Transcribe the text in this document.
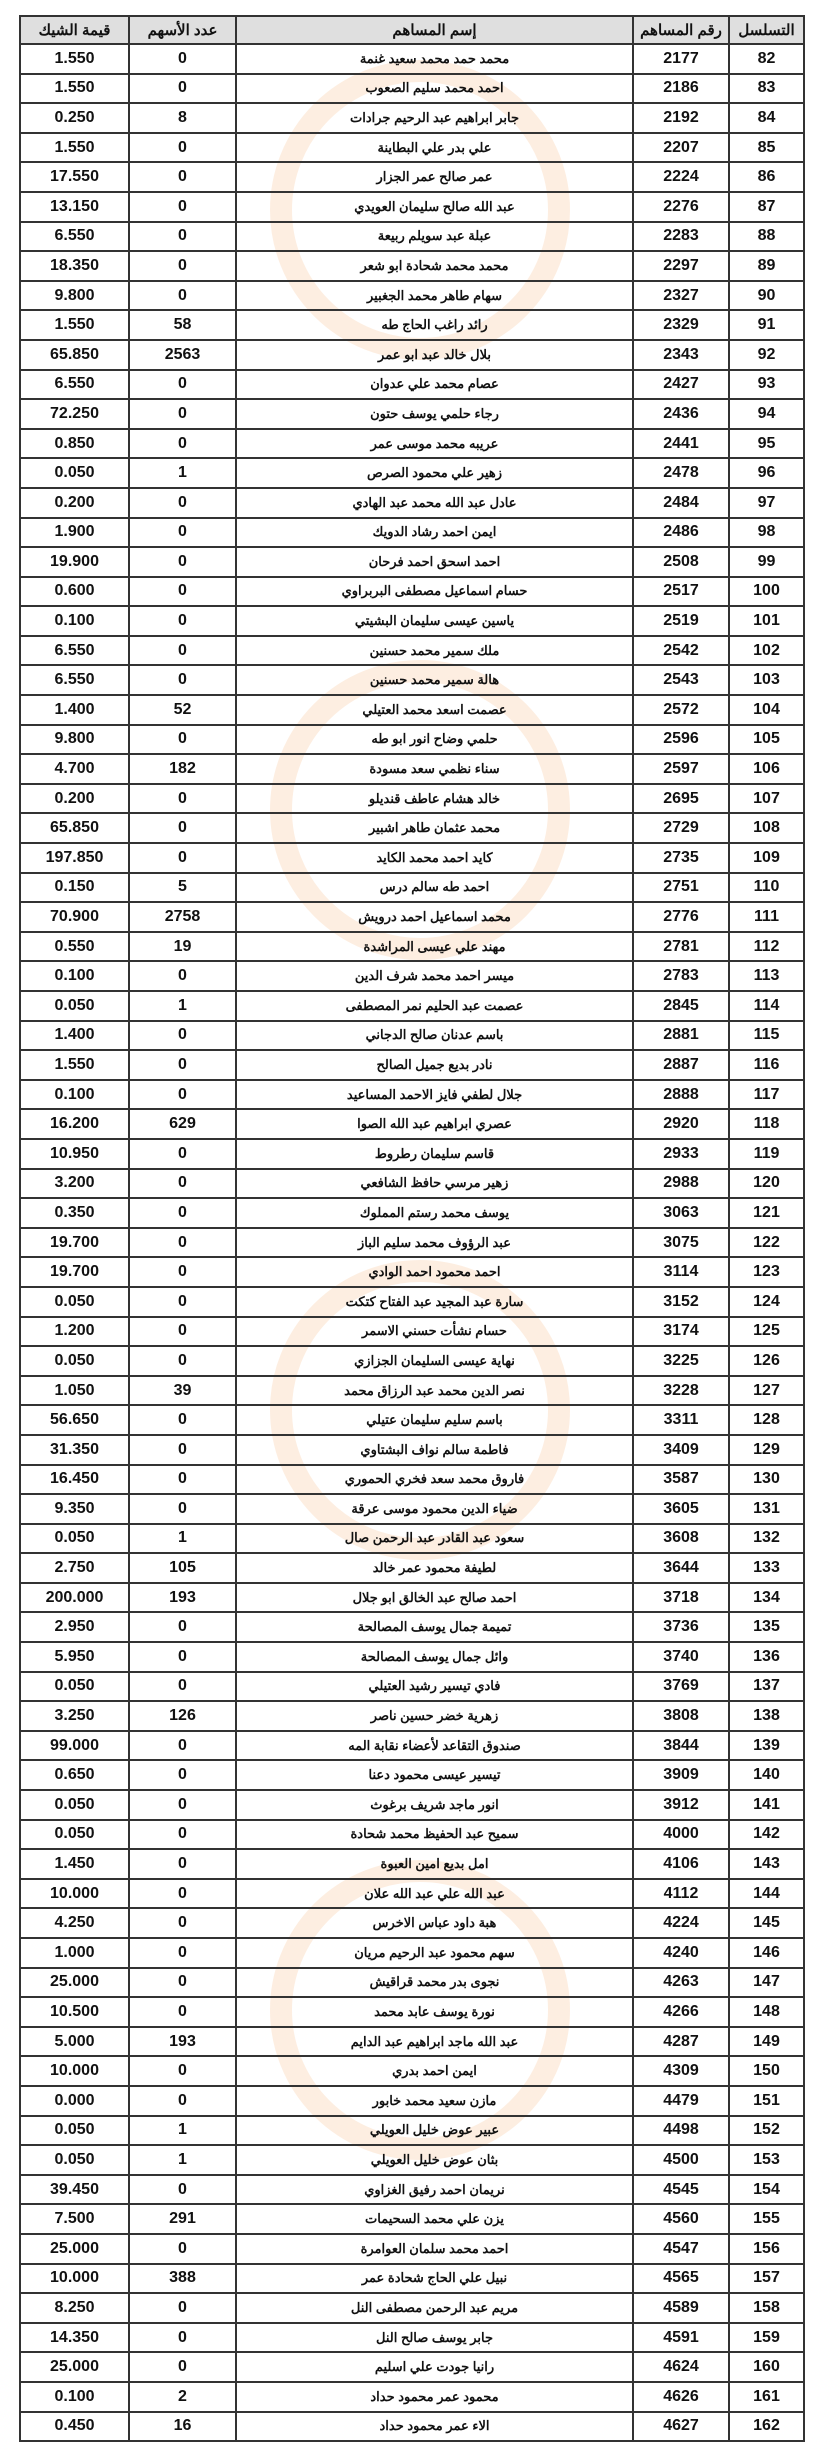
التسلسل	رقم المساهم	إسم المساهم	عدد الأسهم	قيمة الشيك
82	2177	محمد حمد محمد سعيد غنمة	0	1.550
83	2186	احمد محمد سليم الصعوب	0	1.550
84	2192	جابر ابراهيم عبد الرحيم جرادات	8	0.250
85	2207	علي بدر علي البطاينة	0	1.550
86	2224	عمر صالح عمر الجزار	0	17.550
87	2276	عبد الله صالح سليمان العويدي	0	13.150
88	2283	عبلة عبد سويلم ربيعة	0	6.550
89	2297	محمد محمد شحادة ابو شعر	0	18.350
90	2327	سهام طاهر محمد الجغبير	0	9.800
91	2329	رائد راغب الحاج طه	58	1.550
92	2343	بلال خالد عبد ابو عمر	2563	65.850
93	2427	عصام محمد علي عدوان	0	6.550
94	2436	رجاء حلمي يوسف حتون	0	72.250
95	2441	عريبه محمد موسى عمر	0	0.850
96	2478	زهير علي محمود الصرص	1	0.050
97	2484	عادل عبد الله محمد عبد الهادي	0	0.200
98	2486	ايمن احمد رشاد الدويك	0	1.900
99	2508	احمد اسحق احمد فرحان	0	19.900
100	2517	حسام اسماعيل مصطفى البربراوي	0	0.600
101	2519	ياسين عيسى سليمان البشيتي	0	0.100
102	2542	ملك سمير محمد حسنين	0	6.550
103	2543	هالة سمير محمد حسنين	0	6.550
104	2572	عصمت اسعد محمد العتيلي	52	1.400
105	2596	حلمي وضاح انور ابو طه	0	9.800
106	2597	سناء نظمي سعد مسودة	182	4.700
107	2695	خالد هشام عاطف قنديلو	0	0.200
108	2729	محمد عثمان طاهر اشبير	0	65.850
109	2735	كايد احمد محمد الكايد	0	197.850
110	2751	احمد طه سالم درس	5	0.150
111	2776	محمد اسماعيل احمد درويش	2758	70.900
112	2781	مهند علي عيسى المراشدة	19	0.550
113	2783	ميسر احمد محمد شرف الدين	0	0.100
114	2845	عصمت عبد الحليم نمر المصطفى	1	0.050
115	2881	باسم عدنان صالح الدجاني	0	1.400
116	2887	نادر بديع جميل الصالح	0	1.550
117	2888	جلال لطفي فايز الاحمد المساعيد	0	0.100
118	2920	عصري ابراهيم عبد الله الصوا	629	16.200
119	2933	قاسم سليمان رطروط	0	10.950
120	2988	زهير مرسي حافظ الشافعي	0	3.200
121	3063	يوسف محمد رستم المملوك	0	0.350
122	3075	عبد الرؤوف محمد سليم الباز	0	19.700
123	3114	احمد محمود احمد الوادي	0	19.700
124	3152	سارة عبد المجيد عبد الفتاح كتكت	0	0.050
125	3174	حسام نشأت حسني الاسمر	0	1.200
126	3225	نهاية عيسى السليمان الجزازي	0	0.050
127	3228	نصر الدين محمد عبد الرزاق محمد	39	1.050
128	3311	باسم سليم سليمان عتيلي	0	56.650
129	3409	فاطمة سالم نواف البشتاوي	0	31.350
130	3587	فاروق محمد سعد فخري الحموري	0	16.450
131	3605	ضياء الدين محمود موسى عرقة	0	9.350
132	3608	سعود عبد القادر عبد الرحمن صال	1	0.050
133	3644	لطيفة محمود عمر خالد	105	2.750
134	3718	احمد صالح عبد الخالق ابو جلال	193	200.000
135	3736	تميمة جمال يوسف المصالحة	0	2.950
136	3740	وائل جمال يوسف المصالحة	0	5.950
137	3769	فادي تيسير رشيد العتيلي	0	0.050
138	3808	زهرية خضر حسين ناصر	126	3.250
139	3844	صندوق التقاعد لأعضاء نقابة المه	0	99.000
140	3909	تيسير عيسى محمود دعنا	0	0.650
141	3912	انور ماجد شريف برغوث	0	0.050
142	4000	سميح عبد الحفيظ محمد شحادة	0	0.050
143	4106	امل بديع امين العبوة	0	1.450
144	4112	عبد الله علي عبد الله علان	0	10.000
145	4224	هبة داود عباس الاخرس	0	4.250
146	4240	سهم محمود عبد الرحيم مريان	0	1.000
147	4263	نجوى بدر محمد قراقيش	0	25.000
148	4266	نورة يوسف عابد محمد	0	10.500
149	4287	عبد الله ماجد ابراهيم عبد الدايم	193	5.000
150	4309	ايمن احمد بدري	0	10.000
151	4479	مازن سعيد محمد خابور	0	0.000
152	4498	عبير عوض خليل العويلي	1	0.050
153	4500	بثان عوض خليل العويلي	1	0.050
154	4545	نريمان احمد رفيق الغزاوي	0	39.450
155	4560	يزن علي محمد السحيمات	291	7.500
156	4547	احمد محمد سلمان العوامرة	0	25.000
157	4565	نبيل علي الحاج شحادة عمر	388	10.000
158	4589	مريم عبد الرحمن مصطفى النل	0	8.250
159	4591	جابر يوسف صالح النل	0	14.350
160	4624	رانيا جودت علي اسليم	0	25.000
161	4626	محمود عمر محمود حداد	2	0.100
162	4627	الاء عمر محمود حداد	16	0.450
